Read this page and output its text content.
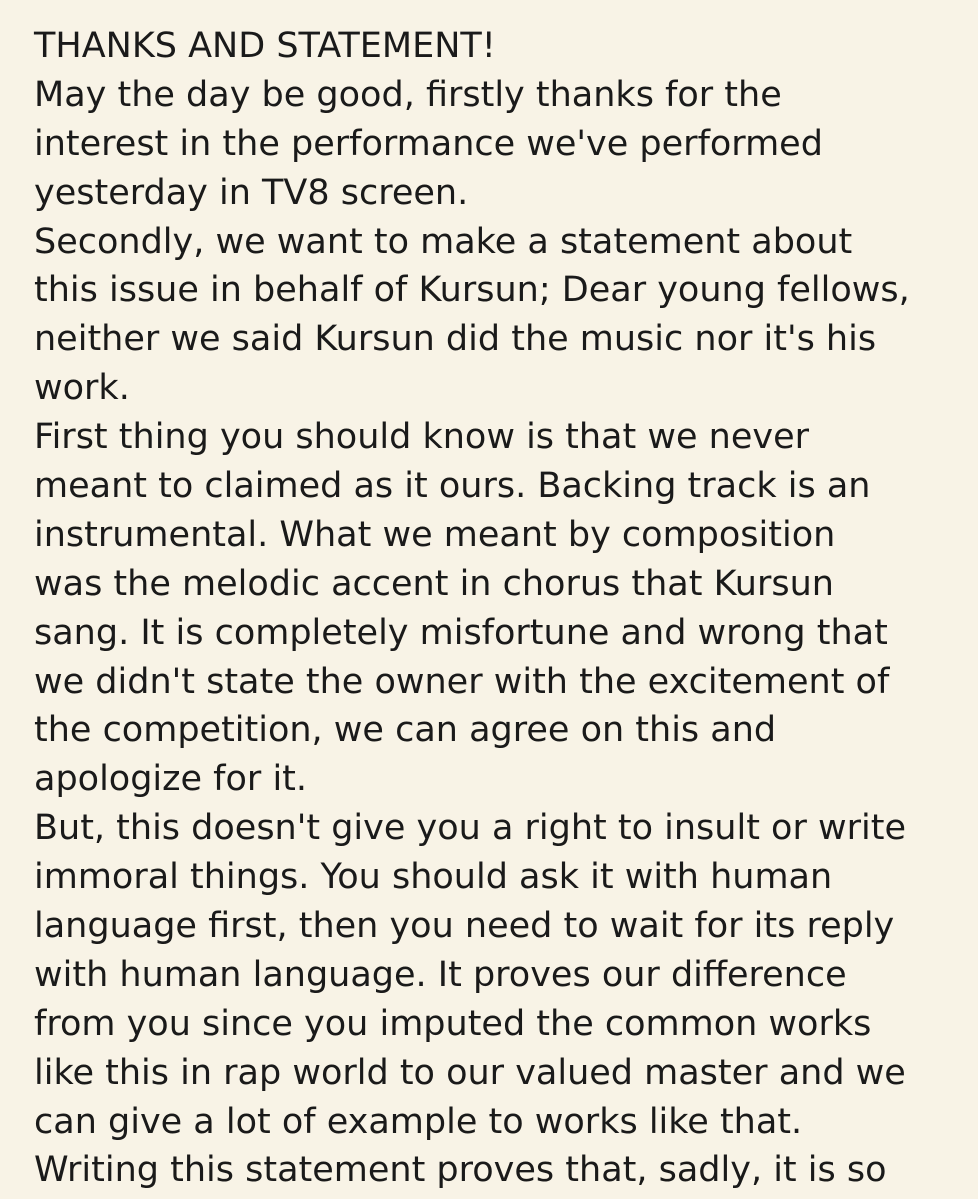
THANKS AND STATEMENT!
May the day be good, firstly thanks for the
interest in the performance we've performed
yesterday in TV8 screen.
Secondly, we want to make a statement about
this issue in behalf of Kursun; Dear young fellows,
neither we said Kursun did the music nor it's his
work.
First thing you should know is that we never
meant to claimed as it ours. Backing track is an
instrumental. What we meant by composition
was the melodic accent in chorus that Kursun
sang. It is completely misfortune and wrong that
we didn't state the owner with the excitement of
the competition, we can agree on this and
apologize for it.
But, this doesn't give you a right to insult or write
immoral things. You should ask it with human
language first, then you need to wait for its reply
with human language. It proves our difference
from you since you imputed the common works
like this in rap world to our valued master and we
can give a lot of example to works like that.
Writing this statement proves that, sadly, it is so
